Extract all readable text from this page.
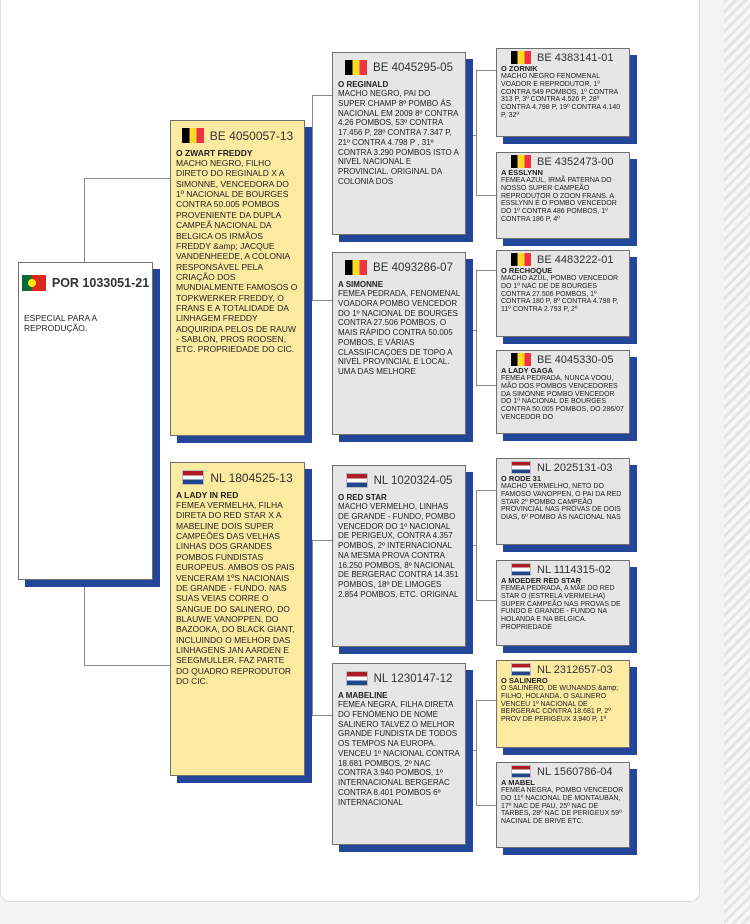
POR 1033051-21
ESPECIAL PARA A REPRODUÇÃO.
BE 4050057-13
O ZWART FREDDY
MACHO NEGRO, FILHO DIRETO DO REGINALD X A SIMONNE, VENCEDORA DO 1º NACIONAL DE BOURGES CONTRA 50.005 POMBOS PROVENIENTE DA DUPLA CAMPEÃ NACIONAL DA BELGICA OS IRMÃOS FREDDY &amp; JACQUE VANDENHEEDE, A COLONIA RESPONSÁVEL PELA CRIAÇÃO DOS MUNDIALMENTE FAMOSOS O TOPKWERKER FREDDY, O FRANS E A TOTALIDADE DA LINHAGEM FREDDY ADQUIRIDA PELOS DE RAUW - SABLON, PROS ROOSEN, ETC. PROPRIEDADE DO CIC.
NL 1804525-13
A LADY IN RED
FEMEA VERMELHA, FILHA DIRETA DO RED STAR X A MABELINE DOIS SUPER CAMPEÕES DAS VELHAS LINHAS DOS GRANDES POMBOS FUNDISTAS EUROPEUS. AMBOS OS PAIS VENCERAM 1ºS NACIONAIS DE GRANDE - FUNDO. NAS SUAS VEIAS CORRE O SANGUE DO SALINERO, DO BLAUWE VANOPPEN, DO BAZOOKA, DO BLACK GIANT, INCLUINDO O MELHOR DAS LINHAGENS JAN AARDEN E SEEGMULLER. FAZ PARTE DO QUADRO REPRODUTOR DO CIC.
BE 4045295-05
O REGINALD
MACHO NEGRO, PAI DO SUPER CHAMP 8º POMBO ÁS NACIONAL EM 2009 8º CONTRA 4.26 POMBOS, 53º CONTRA 17.456 P, 28º CONTRA 7.347 P, 21º CONTRA 4.798 P , 31º CONTRA 3.290 POMBOS ISTO A NIVEL NACIONAL E PROVINCIAL. ORIGINAL DA COLONIA DOS
BE 4093286-07
A SIMONNE
FEMEA PEDRADA, FENOMENAL VOADORA POMBO VENCEDOR DO 1º NACIONAL DE BOURGES CONTRA 27.506 POMBOS, O MAIS RÁPIDO CONTRA 50.005 POMBOS, E VÁRIAS CLASSIFICAÇOES DE TOPO A NIVEL PROVINCIAL E LOCAL. UMA DAS MELHORE
NL 1020324-05
O RED STAR
MACHO VERMELHO, LINHAS DE GRANDE - FUNDO, POMBO VENCEDOR DO 1º NACIONAL DE PERIGEUX, CONTRA 4.357 POMBOS, 2º INTERNACIONAL NA MESMA PROVA CONTRA 16.250 POMBOS, 8º NACIONAL DE BERGERAC CONTRA 14.351 POMBOS, 18º DE LIMOGES 2.854 POMBOS, ETC. ORIGINAL
NL 1230147-12
A MABELINE
FEMEA NEGRA, FILHA DIRETA DO FENÓMENO DE NOME SALINERO TALVEZ O MELHOR GRANDE FUNDISTA DE TODOS OS TEMPOS NA EUROPA. VENCEU 1º NACIONAL CONTRA 18.681 POMBOS, 2º NAC CONTRA 3.940 POMBOS, 1º INTERNACIONAL BERGERAC CONTRA 8.401 POMBOS 6º INTERNACIONAL
BE 4383141-01
O ZORNIK
MACHO NEGRO FENOMENAL VOADOR E REPRODUTOR, 1º CONTRA 549 POMBOS, 1º CONTRA 313 P, 3º CONTRA 4.526 P, 28º CONTRA 4.798 P, 19º CONTRA 4.140 P, 32º
BE 4352473-00
A ESSLYNN
FEMEA AZUL, IRMÃ PATERNA DO NOSSO SUPER CAMPEÃO REPRODUTOR O ZOON FRANS. A ESSLYNN É O POMBO VENCEDOR DO 1º CONTRA 486 POMBOS, 1º CONTRA 186 P, 4º
BE 4483222-01
O RECHOQUE
MACHO AZUL, POMBO VENCEDOR DO 1º NAC DE DE BOURGES CONTRA 27.506 POMBOS, 1º CONTRA 180 P, 8º CONTRA 4.798 P, 11º CONTRA 2.793 P, 2º
BE 4045330-05
A LADY GAGA
FEMEA PEDRADA, NUNCA VOOU, MÃO DOS POMBOS VENCEDORES DA SIMONNE POMBO VENCEDOR DO 1º NACIONAL DE BOURGES CONTRA 50.005 POMBOS, DO 286/07 VENCEDOR DO
NL 2025131-03
O RODE 31
MACHO VERMELHO, NETO DO FAMOSO VANOPPEN, O PAI DA RED STAR 2º POMBO CAMPEÃO PROVINCIAL NAS PROVAS DE DOIS DIAS, 6º POMBO ÁS NACIONAL NAS
NL 1114315-02
A MOEDER RED STAR
FEMEA PEDRADA, A MÃE DO RED STAR O (ESTRELA VERMELHA) SUPER CAMPEÃO NAS PROVAS DE FUNDO E GRANDE - FUNDO NA HOLANDA E NA BELGICA. PROPRIEDADE
NL 2312657-03
O SALINERO
O SALINERO, DE WIJNANDS &amp; FILHO, HOLANDA. O SALINERO VENCEU 1º NACIONAL DE BERGERAC CONTRA 18.681 P, 2º PROV DE PERIGEUX 3.940 P, 1º
NL 1560786-04
A MABEL
FEMEA NEGRA, POMBO VENCEDOR DO 11º NACIONAL DE MONTAUBAN, 17º NAC DE PAU, 25º NAC DE TARBES, 28º NAC DE PERIGEUX 59º NACINAL DE BRIVE ETC.
